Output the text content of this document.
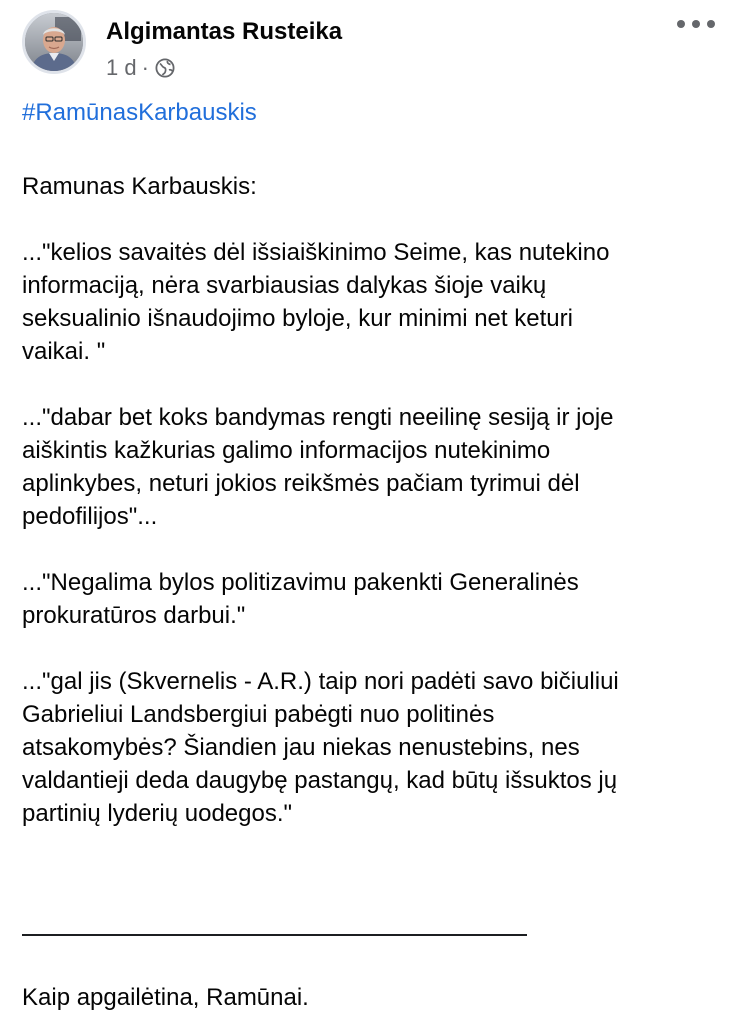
Algimantas Rusteika
1 d ·
#RamūnasKarbauskis

Ramunas Karbauskis:

..."kelios savaitės dėl išsiaiškinimo Seime, kas nutekino
informaciją, nėra svarbiausias dalykas šioje vaikų
seksualinio išnaudojimo byloje, kur minimi net keturi
vaikai. "

..."dabar bet koks bandymas rengti neeilinę sesiją ir joje
aiškintis kažkurias galimo informacijos nutekinimo
aplinkybes, neturi jokios reikšmės pačiam tyrimui dėl
pedofilijos"...

..."Negalima bylos politizavimu pakenkti Generalinės
prokuratūros darbui."

..."gal jis (Skvernelis - A.R.) taip nori padėti savo bičiuliui
Gabrieliui Landsbergiui pabėgti nuo politinės
atsakomybės? Šiandien jau niekas nenustebins, nes
valdantieji deda daugybę pastangų, kad būtų išsuktos jų
partinių lyderių uodegos."

Kaip apgailėtina, Ramūnai.
